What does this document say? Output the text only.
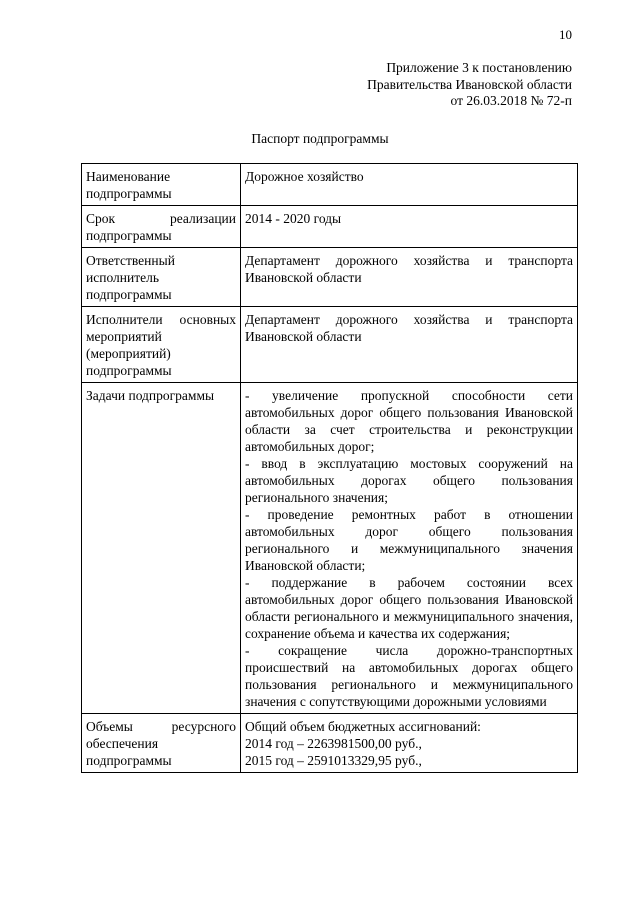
10
Приложение 3 к постановлению
Правительства Ивановской области
от 26.03.2018 № 72-п
Паспорт подпрограммы
Наименование подпрограммы	Дорожное хозяйство
Срок реализации подпрограммы	2014 - 2020 годы
Ответственный исполнитель подпрограммы	Департамент дорожного хозяйства и транспорта Ивановской области
Исполнители основных мероприятий (мероприятий) подпрограммы	Департамент дорожного хозяйства и транспорта Ивановской области
Задачи подпрограммы	- увеличение пропускной способности сети автомобильных дорог общего пользования Ивановской области за счет строительства и реконструкции автомобильных дорог;
- ввод в эксплуатацию мостовых сооружений на автомобильных дорогах общего пользования регионального значения;
- проведение ремонтных работ в отношении автомобильных дорог общего пользования регионального и межмуниципального значения Ивановской области;
- поддержание в рабочем состоянии всех автомобильных дорог общего пользования Ивановской области регионального и межмуниципального значения, сохранение объема и качества их содержания;
- сокращение числа дорожно-транспортных происшествий на автомобильных дорогах общего пользования регионального и межмуниципального значения с сопутствующими дорожными условиями

Объемы ресурсного обеспечения подпрограммы	Общий объем бюджетных ассигнований:
2014 год – 2263981500,00 руб.,
2015 год – 2591013329,95 руб.,
